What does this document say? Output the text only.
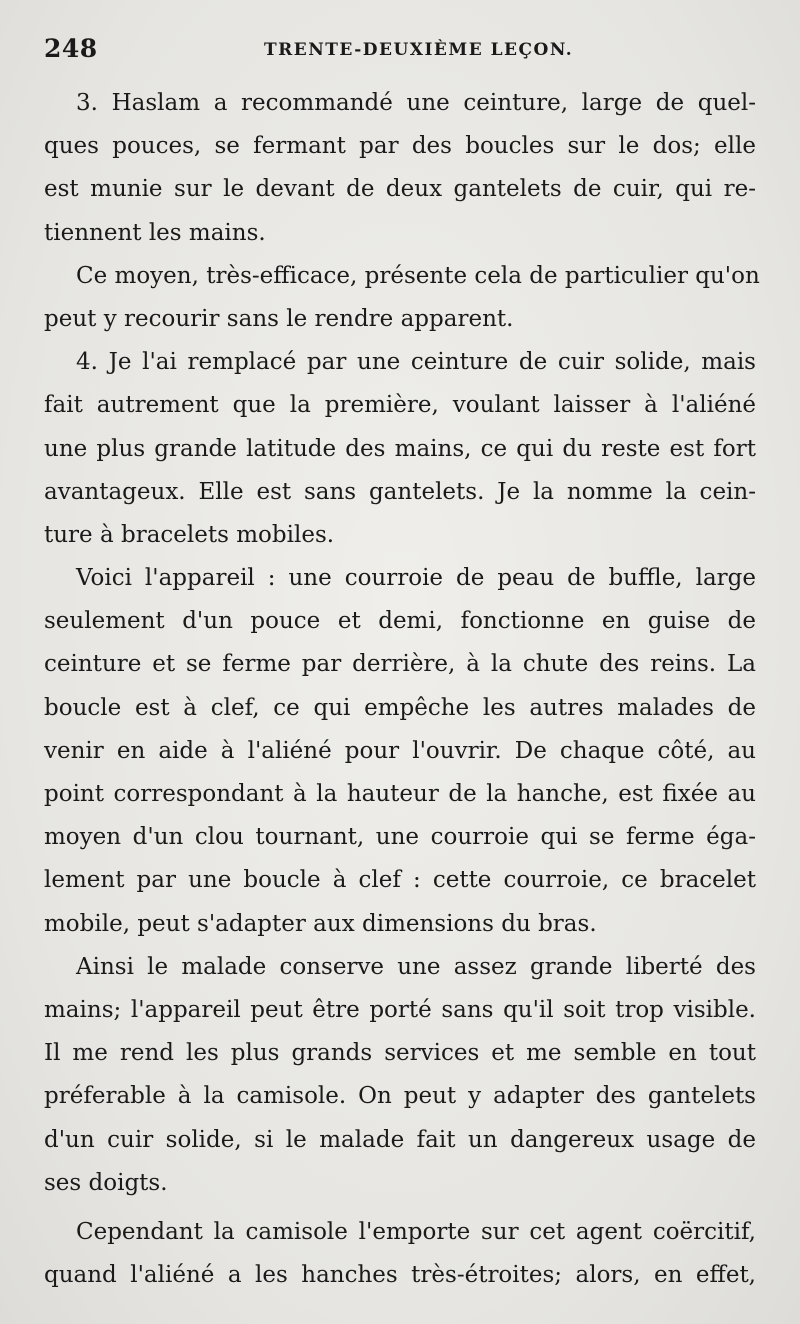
248	TRENTE-DEUXIÈME LEÇON.
3. Haslam a recommandé une ceinture, large de quel-
ques pouces, se fermant par des boucles sur le dos; elle
est munie sur le devant de deux gantelets de cuir, qui re-
tiennent les mains.
Ce moyen, très-efficace, présente cela de particulier qu'on
peut y recourir sans le rendre apparent.
4. Je l'ai remplacé par une ceinture de cuir solide, mais
fait autrement que la première, voulant laisser à l'aliéné
une plus grande latitude des mains, ce qui du reste est fort
avantageux. Elle est sans gantelets. Je la nomme la cein-
ture à bracelets mobiles.
Voici l'appareil : une courroie de peau de buffle, large
seulement d'un pouce et demi, fonctionne en guise de
ceinture et se ferme par derrière, à la chute des reins. La
boucle est à clef, ce qui empêche les autres malades de
venir en aide à l'aliéné pour l'ouvrir. De chaque côté, au
point correspondant à la hauteur de la hanche, est fixée au
moyen d'un clou tournant, une courroie qui se ferme éga-
lement par une boucle à clef : cette courroie, ce bracelet
mobile, peut s'adapter aux dimensions du bras.
Ainsi le malade conserve une assez grande liberté des
mains; l'appareil peut être porté sans qu'il soit trop visible.
Il me rend les plus grands services et me semble en tout
préferable à la camisole. On peut y adapter des gantelets
d'un cuir solide, si le malade fait un dangereux usage de
ses doigts.
Cependant la camisole l'emporte sur cet agent coërcitif,
quand l'aliéné a les hanches très-étroites; alors, en effet,
